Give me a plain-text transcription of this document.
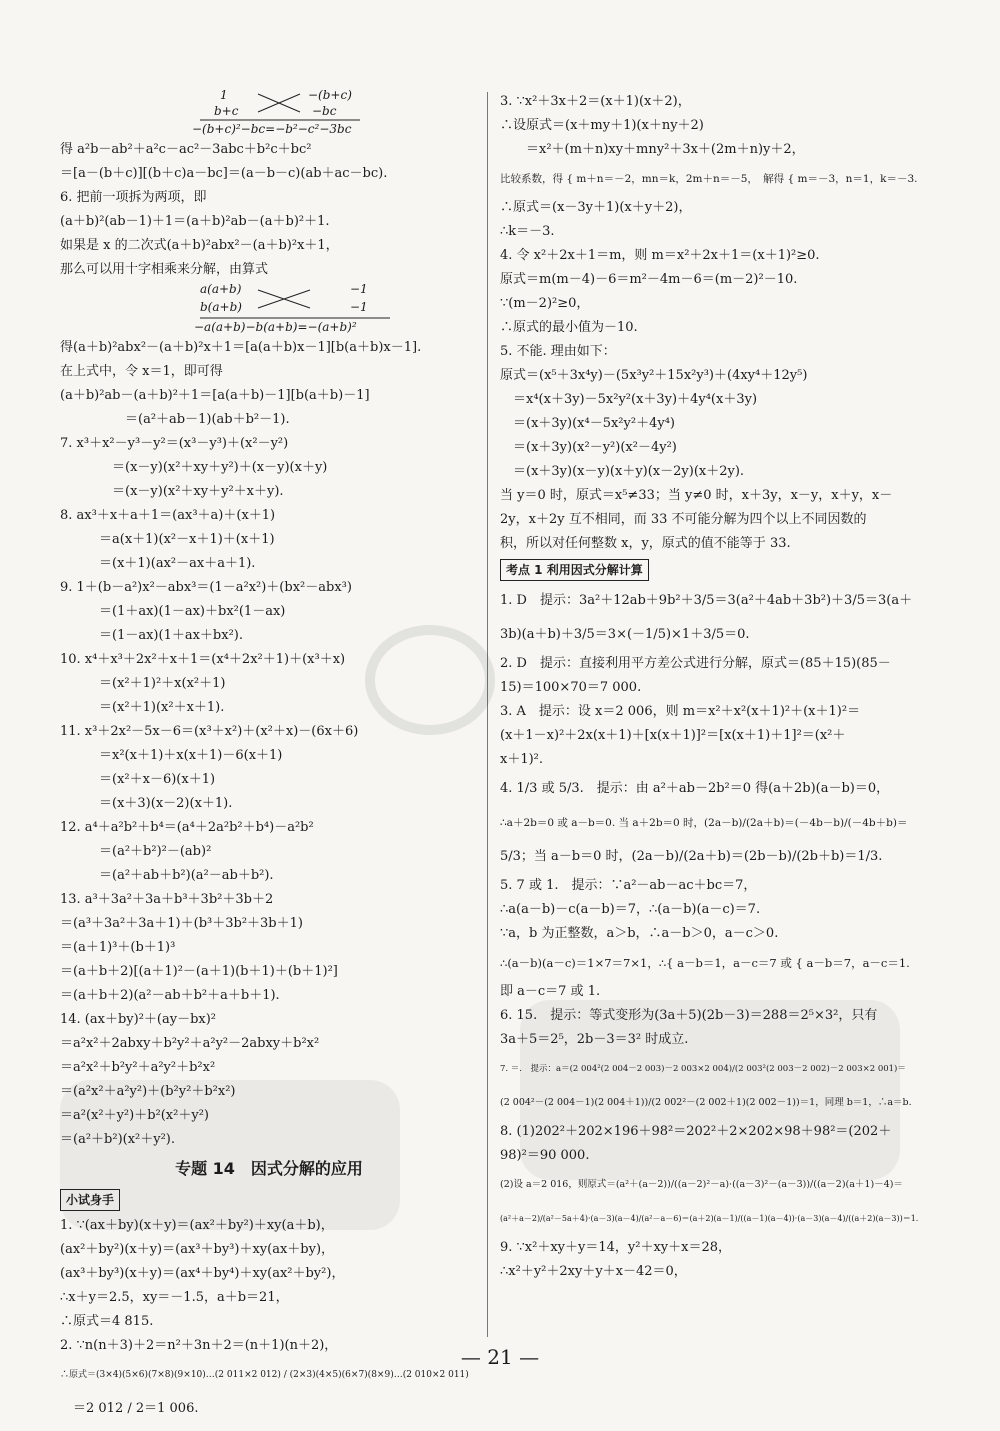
1
b+c
−(b+c)
−bc
−(b+c)²−bc=−b²−c²−3bc
得 a²b－ab²＋a²c－ac²－3abc＋b²c＋bc²
＝[a－(b＋c)][(b＋c)a－bc]＝(a－b－c)(ab＋ac－bc).
6. 把前一项拆为两项，即
(a＋b)²(ab－1)＋1＝(a＋b)²ab－(a＋b)²＋1.
如果是 x 的二次式(a＋b)²abx²－(a＋b)²x＋1，
那么可以用十字相乘来分解，由算式
a(a+b)
b(a+b)
−1
−1
−a(a+b)−b(a+b)=−(a+b)²
得(a＋b)²abx²－(a＋b)²x＋1＝[a(a＋b)x－1][b(a＋b)x－1].
在上式中，令 x＝1，即可得
(a＋b)²ab－(a＋b)²＋1＝[a(a＋b)－1][b(a＋b)－1]
　　　　　＝(a²＋ab－1)(ab＋b²－1).
7. x³＋x²－y³－y²＝(x³－y³)＋(x²－y²)
　　　　＝(x－y)(x²＋xy＋y²)＋(x－y)(x＋y)
　　　　＝(x－y)(x²＋xy＋y²＋x＋y).
8. ax³＋x＋a＋1＝(ax³＋a)＋(x＋1)
　　　＝a(x＋1)(x²－x＋1)＋(x＋1)
　　　＝(x＋1)(ax²－ax＋a＋1).
9. 1＋(b－a²)x²－abx³＝(1－a²x²)＋(bx²－abx³)
　　　＝(1＋ax)(1－ax)＋bx²(1－ax)
　　　＝(1－ax)(1＋ax＋bx²).
10. x⁴＋x³＋2x²＋x＋1＝(x⁴＋2x²＋1)＋(x³＋x)
　　　＝(x²＋1)²＋x(x²＋1)
　　　＝(x²＋1)(x²＋x＋1).
11. x³＋2x²－5x－6＝(x³＋x²)＋(x²＋x)－(6x＋6)
　　　＝x²(x＋1)＋x(x＋1)－6(x＋1)
　　　＝(x²＋x－6)(x＋1)
　　　＝(x＋3)(x－2)(x＋1).
12. a⁴＋a²b²＋b⁴＝(a⁴＋2a²b²＋b⁴)－a²b²
　　　＝(a²＋b²)²－(ab)²
　　　＝(a²＋ab＋b²)(a²－ab＋b²).
13. a³＋3a²＋3a＋b³＋3b²＋3b＋2
＝(a³＋3a²＋3a＋1)＋(b³＋3b²＋3b＋1)
＝(a＋1)³＋(b＋1)³
＝(a＋b＋2)[(a＋1)²－(a＋1)(b＋1)＋(b＋1)²]
＝(a＋b＋2)(a²－ab＋b²＋a＋b＋1).
14. (ax＋by)²＋(ay－bx)²
＝a²x²＋2abxy＋b²y²＋a²y²－2abxy＋b²x²
＝a²x²＋b²y²＋a²y²＋b²x²
＝(a²x²＋a²y²)＋(b²y²＋b²x²)
＝a²(x²＋y²)＋b²(x²＋y²)
＝(a²＋b²)(x²＋y²).
专题 14　因式分解的应用
小试身手
1. ∵(ax＋by)(x＋y)＝(ax²＋by²)＋xy(a＋b)，
(ax²＋by²)(x＋y)＝(ax³＋by³)＋xy(ax＋by)，
(ax³＋by³)(x＋y)＝(ax⁴＋by⁴)＋xy(ax²＋by²)，
∴x＋y＝2.5，xy＝－1.5，a＋b＝21，
∴原式＝4 815.
2. ∵n(n＋3)＋2＝n²＋3n＋2＝(n＋1)(n＋2)，
∴原式＝(3×4)(5×6)(7×8)(9×10)…(2 011×2 012) / (2×3)(4×5)(6×7)(8×9)…(2 010×2 011)
　＝2 012 / 2＝1 006.
3. ∵x²＋3x＋2＝(x＋1)(x＋2)，
∴设原式＝(x＋my＋1)(x＋ny＋2)
　　＝x²＋(m＋n)xy＋mny²＋3x＋(2m＋n)y＋2，
比较系数，得 { m＋n＝－2，mn＝k，2m＋n＝－5，　解得 { m＝－3，n＝1，k＝－3.
∴原式＝(x－3y＋1)(x＋y＋2)，
∴k＝－3.
4. 令 x²＋2x＋1＝m，则 m＝x²＋2x＋1＝(x＋1)²≥0.
原式＝m(m－4)－6＝m²－4m－6＝(m－2)²－10.
∵(m－2)²≥0，
∴原式的最小值为－10.
5. 不能. 理由如下：
原式＝(x⁵＋3x⁴y)－(5x³y²＋15x²y³)＋(4xy⁴＋12y⁵)
　＝x⁴(x＋3y)－5x²y²(x＋3y)＋4y⁴(x＋3y)
　＝(x＋3y)(x⁴－5x²y²＋4y⁴)
　＝(x＋3y)(x²－y²)(x²－4y²)
　＝(x＋3y)(x－y)(x＋y)(x－2y)(x＋2y).
当 y＝0 时，原式＝x⁵≠33；当 y≠0 时，x＋3y，x－y，x＋y，x－
2y，x＋2y 互不相同，而 33 不可能分解为四个以上不同因数的
积，所以对任何整数 x，y，原式的值不能等于 33.
考点 1 利用因式分解计算
1. D　提示：3a²＋12ab＋9b²＋3/5＝3(a²＋4ab＋3b²)＋3/5＝3(a＋
3b)(a＋b)＋3/5＝3×(－1/5)×1＋3/5＝0.
2. D　提示：直接利用平方差公式进行分解，原式＝(85＋15)(85－
15)＝100×70＝7 000.
3. A　提示：设 x＝2 006，则 m＝x²＋x²(x＋1)²＋(x＋1)²＝
(x＋1－x)²＋2x(x＋1)＋[x(x＋1)]²＝[x(x＋1)＋1]²＝(x²＋
x＋1)².
4. 1/3 或 5/3.　提示：由 a²＋ab－2b²＝0 得(a＋2b)(a－b)＝0，
∴a＋2b＝0 或 a－b＝0. 当 a＋2b＝0 时，(2a－b)/(2a＋b)＝(－4b－b)/(－4b＋b)＝
5/3；当 a－b＝0 时，(2a－b)/(2a＋b)＝(2b－b)/(2b＋b)＝1/3.
5. 7 或 1.　提示：∵a²－ab－ac＋bc＝7，
∴a(a－b)－c(a－b)＝7，∴(a－b)(a－c)＝7.
∵a，b 为正整数，a＞b，∴a－b＞0，a－c＞0.
∴(a－b)(a－c)＝1×7＝7×1，∴{ a－b＝1，a－c＝7 或 { a－b＝7，a－c＝1.
即 a－c＝7 或 1.
6. 15.　提示：等式变形为(3a＋5)(2b－3)＝288＝2⁵×3²，只有
3a＋5＝2⁵，2b－3＝3² 时成立.
7. ＝.　提示：a＝(2 004²(2 004－2 003)－2 003×2 004)/(2 003²(2 003－2 002)－2 003×2 001)＝
(2 004²－(2 004－1)(2 004＋1))/(2 002²－(2 002＋1)(2 002－1))＝1，同理 b＝1，∴a＝b.
8. (1)202²＋202×196＋98²＝202²＋2×202×98＋98²＝(202＋
98)²＝90 000.
(2)设 a＝2 016，则原式＝(a²＋(a－2))/((a－2)²－a)·((a－3)²－(a－3))/((a－2)(a＋1)－4)＝
(a²＋a－2)/(a²－5a＋4)·(a－3)(a－4)/(a²－a－6)＝(a＋2)(a－1)/((a－1)(a－4))·(a－3)(a－4)/((a＋2)(a－3))＝1.
9. ∵x²＋xy＋y＝14，y²＋xy＋x＝28，
∴x²＋y²＋2xy＋y＋x－42＝0，
— 21 —
